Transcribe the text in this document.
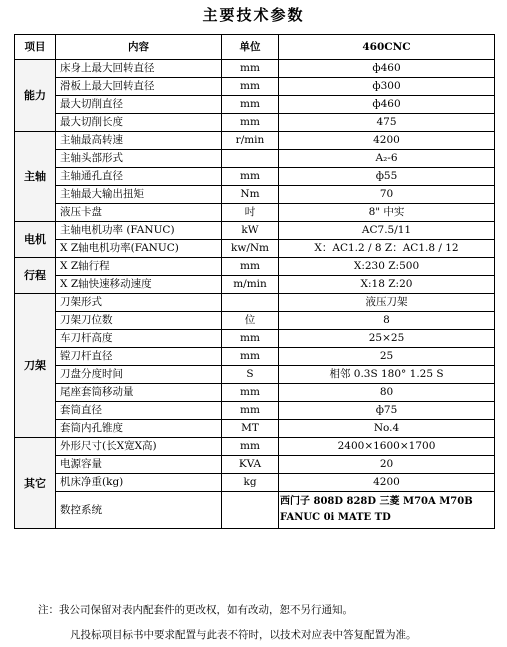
主要技术参数
项目	内容	单位	460CNC
能力	床身上最大回转直径	mm	ф460
	滑板上最大回转直径	mm	ф300
	最大切削直径	mm	ф460
	最大切削长度	mm	475
主轴	主轴最高转速	r/min	4200
	主轴头部形式		A₂-6
	主轴通孔直径	mm	ф55
	主轴最大输出扭矩	Nm	70
	液压卡盘	吋	8" 中实
电机	主轴电机功率 (FANUC)	kW	AC7.5/11
	X Z轴电机功率(FANUC)	kw/Nm	X：AC1.2 / 8 Z：AC1.8 / 12
行程	X Z轴行程	mm	X:230 Z:500
	X Z轴快速移动速度	m/min	X:18 Z:20
刀架	刀架形式		液压刀架
	刀架刀位数	位	8
	车刀杆高度	mm	25×25
	镗刀杆直径	mm	25
	刀盘分度时间	S	相邻 0.3S 180° 1.25 S
	尾座套筒移动量	mm	80
	套筒直径	mm	ф75
	套筒内孔锥度	MT	No.4
其它	外形尺寸(长X宽X高)	mm	2400×1600×1700
	电源容量	KVA	20
	机床净重(kg)	kg	4200
	数控系统		西门子 808D 828D 三菱 M70A M70B FANUC 0i MATE TD
注：我公司保留对表内配套件的更改权，如有改动，恕不另行通知。
凡投标项目标书中要求配置与此表不符时，以技术对应表中答复配置为准。
